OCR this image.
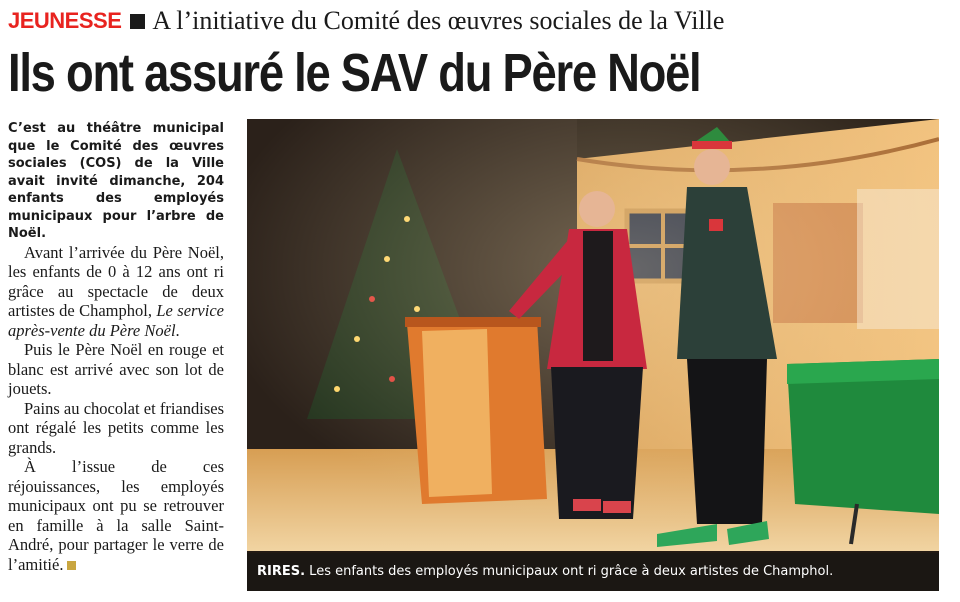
JEUNESSE A l’initiative du Comité des œuvres sociales de la Ville
Ils ont assuré le SAV du Père Noël

C’est au théâtre municipal que le Comité des œuvres sociales (COS) de la Ville avait invité dimanche, 204 enfants des employés municipaux pour l’arbre de Noël.

Avant l’arrivée du Père Noël, les enfants de 0 à 12 ans ont ri grâce au spectacle de deux artistes de Champhol, Le service après-vente du Père Noël.

Puis le Père Noël en rouge et blanc est arrivé avec son lot de jouets.

Pains au chocolat et friandises ont régalé les petits comme les grands.

À l’issue de ces réjouissances, les employés municipaux ont pu se retrouver en famille à la salle Saint-André, pour partager le verre de l’amitié.	RIRES. Les enfants des employés municipaux ont ri grâce à deux artistes de Champhol.
